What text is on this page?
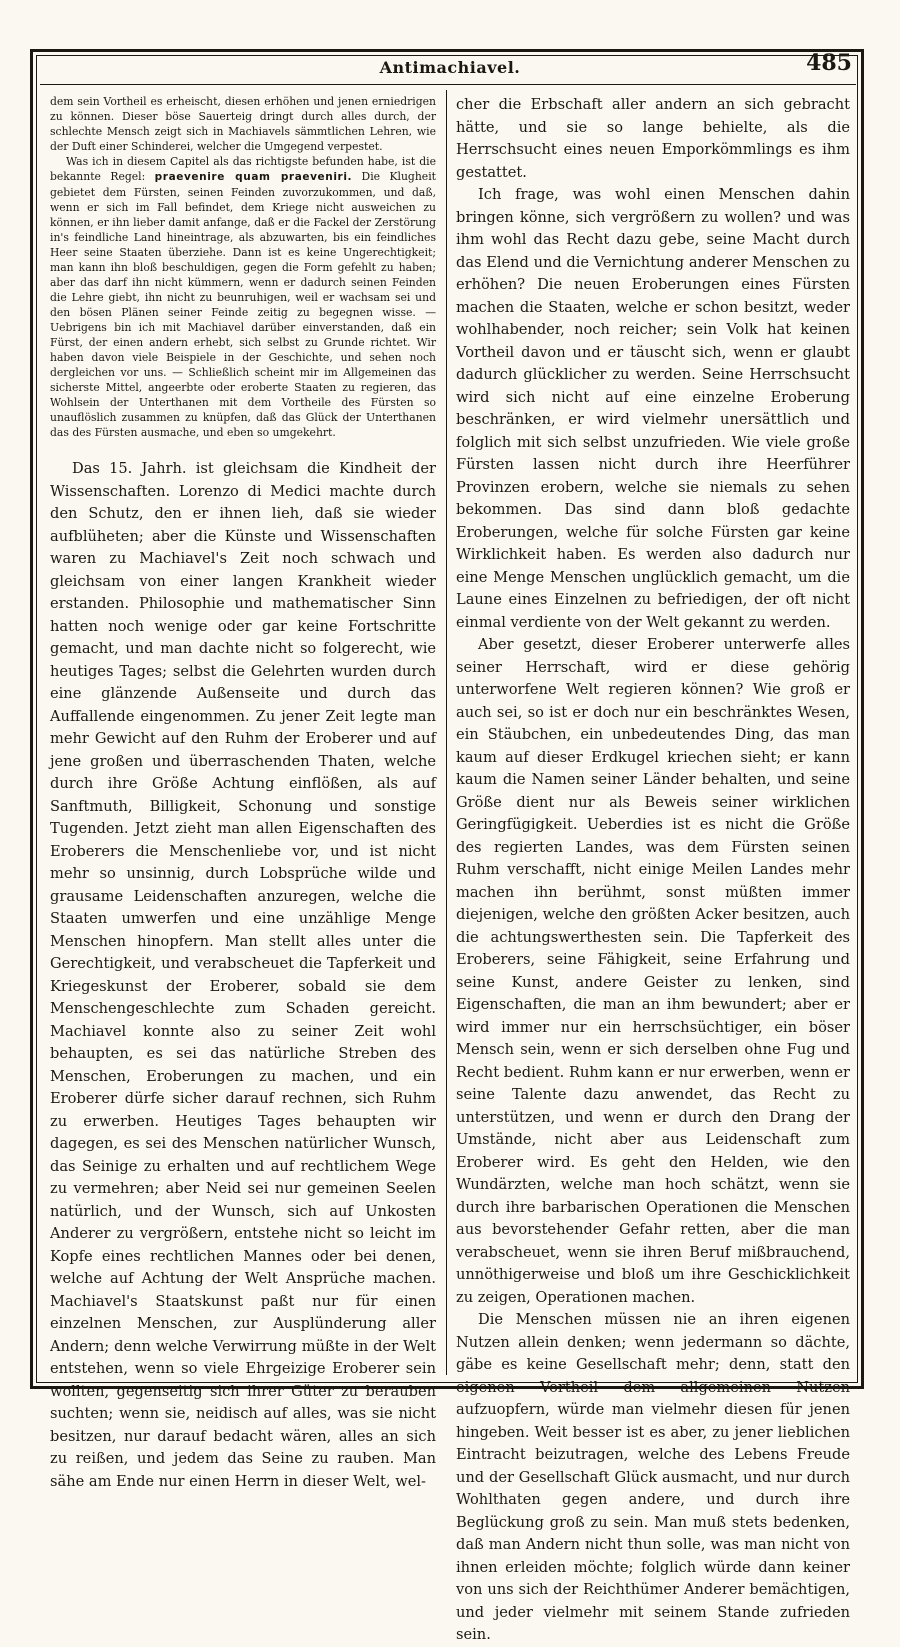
Antimachiavel.	485

dem sein Vortheil es erheischt, diesen erhöhen und jenen erniedrigen zu können. Dieser böse Sauerteig dringt durch alles durch, der schlechte Mensch zeigt sich in Machiavels sämmtlichen Lehren, wie der Duft einer Schinderei, welcher die Umgegend verpestet.

Was ich in diesem Capitel als das richtigste befunden habe, ist die bekannte Regel: praevenire quam praeveniri. Die Klugheit gebietet dem Fürsten, seinen Feinden zuvorzukommen, und daß, wenn er sich im Fall befindet, dem Kriege nicht ausweichen zu können, er ihn lieber damit anfange, daß er die Fackel der Zerstörung in's feindliche Land hineintrage, als abzuwarten, bis ein feindliches Heer seine Staaten überziehe. Dann ist es keine Ungerechtigkeit; man kann ihn bloß beschuldigen, gegen die Form gefehlt zu haben; aber das darf ihn nicht kümmern, wenn er dadurch seinen Feinden die Lehre giebt, ihn nicht zu beunruhigen, weil er wachsam sei und den bösen Plänen seiner Feinde zeitig zu begegnen wisse. — Uebrigens bin ich mit Machiavel darüber einverstanden, daß ein Fürst, der einen andern erhebt, sich selbst zu Grunde richtet. Wir haben davon viele Beispiele in der Geschichte, und sehen noch dergleichen vor uns. — Schließlich scheint mir im Allgemeinen das sicherste Mittel, angeerbte oder eroberte Staaten zu regieren, das Wohlsein der Unterthanen mit dem Vortheile des Fürsten so unauflöslich zusammen zu knüpfen, daß das Glück der Unterthanen das des Fürsten ausmache, und eben so umgekehrt.

Das 15. Jahrh. ist gleichsam die Kindheit der Wissenschaften. Lorenzo di Medici machte durch den Schutz, den er ihnen lieh, daß sie wieder aufblüheten; aber die Künste und Wissenschaften waren zu Machiavel's Zeit noch schwach und gleichsam von einer langen Krankheit wieder erstanden. Philosophie und mathematischer Sinn hatten noch wenige oder gar keine Fortschritte gemacht, und man dachte nicht so folgerecht, wie heutiges Tages; selbst die Gelehrten wurden durch eine glänzende Außenseite und durch das Auffallende eingenommen. Zu jener Zeit legte man mehr Gewicht auf den Ruhm der Eroberer und auf jene großen und überraschenden Thaten, welche durch ihre Größe Achtung einflößen, als auf Sanftmuth, Billigkeit, Schonung und sonstige Tugenden. Jetzt zieht man allen Eigenschaften des Eroberers die Menschenliebe vor, und ist nicht mehr so unsinnig, durch Lobsprüche wilde und grausame Leidenschaften anzuregen, welche die Staaten umwerfen und eine unzählige Menge Menschen hinopfern. Man stellt alles unter die Gerechtigkeit, und verabscheuet die Tapferkeit und Kriegeskunst der Eroberer, sobald sie dem Menschengeschlechte zum Schaden gereicht. Machiavel konnte also zu seiner Zeit wohl behaupten, es sei das natürliche Streben des Menschen, Eroberungen zu machen, und ein Eroberer dürfe sicher darauf rechnen, sich Ruhm zu erwerben. Heutiges Tages behaupten wir dagegen, es sei des Menschen natürlicher Wunsch, das Seinige zu erhalten und auf rechtlichem Wege zu vermehren; aber Neid sei nur gemeinen Seelen natürlich, und der Wunsch, sich auf Unkosten Anderer zu vergrößern, entstehe nicht so leicht im Kopfe eines rechtlichen Mannes oder bei denen, welche auf Achtung der Welt Ansprüche machen. Machiavel's Staatskunst paßt nur für einen einzelnen Menschen, zur Ausplünderung aller Andern; denn welche Verwirrung müßte in der Welt entstehen, wenn so viele Ehrgeizige Eroberer sein wollten, gegenseitig sich ihrer Güter zu berauben suchten; wenn sie, neidisch auf alles, was sie nicht besitzen, nur darauf bedacht wären, alles an sich zu reißen, und jedem das Seine zu rauben. Man sähe am Ende nur einen Herrn in dieser Welt, wel-

cher die Erbschaft aller andern an sich gebracht hätte, und sie so lange behielte, als die Herrschsucht eines neuen Emporkömmlings es ihm gestattet.

Ich frage, was wohl einen Menschen dahin bringen könne, sich vergrößern zu wollen? und was ihm wohl das Recht dazu gebe, seine Macht durch das Elend und die Vernichtung anderer Menschen zu erhöhen? Die neuen Eroberungen eines Fürsten machen die Staaten, welche er schon besitzt, weder wohlhabender, noch reicher; sein Volk hat keinen Vortheil davon und er täuscht sich, wenn er glaubt dadurch glücklicher zu werden. Seine Herrschsucht wird sich nicht auf eine einzelne Eroberung beschränken, er wird vielmehr unersättlich und folglich mit sich selbst unzufrieden. Wie viele große Fürsten lassen nicht durch ihre Heerführer Provinzen erobern, welche sie niemals zu sehen bekommen. Das sind dann bloß gedachte Eroberungen, welche für solche Fürsten gar keine Wirklichkeit haben. Es werden also dadurch nur eine Menge Menschen unglücklich gemacht, um die Laune eines Einzelnen zu befriedigen, der oft nicht einmal verdiente von der Welt gekannt zu werden.

Aber gesetzt, dieser Eroberer unterwerfe alles seiner Herrschaft, wird er diese gehörig unterworfene Welt regieren können? Wie groß er auch sei, so ist er doch nur ein beschränktes Wesen, ein Stäubchen, ein unbedeutendes Ding, das man kaum auf dieser Erdkugel kriechen sieht; er kann kaum die Namen seiner Länder behalten, und seine Größe dient nur als Beweis seiner wirklichen Geringfügigkeit. Ueberdies ist es nicht die Größe des regierten Landes, was dem Fürsten seinen Ruhm verschafft, nicht einige Meilen Landes mehr machen ihn berühmt, sonst müßten immer diejenigen, welche den größten Acker besitzen, auch die achtungswerthesten sein. Die Tapferkeit des Eroberers, seine Fähigkeit, seine Erfahrung und seine Kunst, andere Geister zu lenken, sind Eigenschaften, die man an ihm bewundert; aber er wird immer nur ein herrschsüchtiger, ein böser Mensch sein, wenn er sich derselben ohne Fug und Recht bedient. Ruhm kann er nur erwerben, wenn er seine Talente dazu anwendet, das Recht zu unterstützen, und wenn er durch den Drang der Umstände, nicht aber aus Leidenschaft zum Eroberer wird. Es geht den Helden, wie den Wundärzten, welche man hoch schätzt, wenn sie durch ihre barbarischen Operationen die Menschen aus bevorstehender Gefahr retten, aber die man verabscheuet, wenn sie ihren Beruf mißbrauchend, unnöthigerweise und bloß um ihre Geschicklichkeit zu zeigen, Operationen machen.

Die Menschen müssen nie an ihren eigenen Nutzen allein denken; wenn jedermann so dächte, gäbe es keine Gesellschaft mehr; denn, statt den eigenen Vortheil dem allgemeinen Nutzen aufzuopfern, würde man vielmehr diesen für jenen hingeben. Weit besser ist es aber, zu jener lieblichen Eintracht beizutragen, welche des Lebens Freude und der Gesellschaft Glück ausmacht, und nur durch Wohlthaten gegen andere, und durch ihre Beglückung groß zu sein. Man muß stets bedenken, daß man Andern nicht thun solle, was man nicht von ihnen erleiden möchte; folglich würde dann keiner von uns sich der Reichthümer Anderer bemächtigen, und jeder vielmehr mit seinem Stande zufrieden sein.
